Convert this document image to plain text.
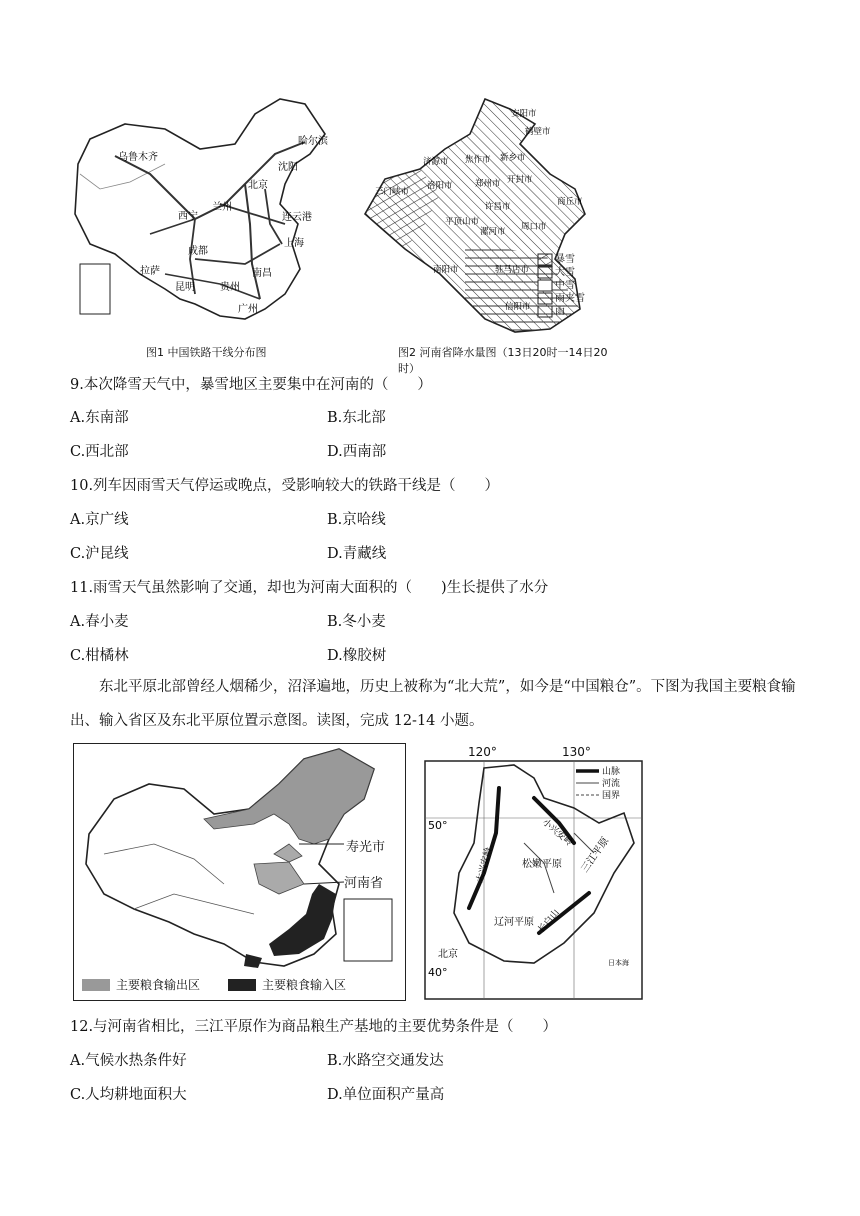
乌鲁木齐
哈尔滨
沈阳
北京
西宁
兰州
连云港
成都
上海
拉萨	南昌
贵州
昆明
广州
图1 中国铁路干线分布图
安阳市
鹤壁市
焦作市 新乡市
济源市
洛阳市	郑州市 开封市
商丘市
三门峡市
许昌市
平顶山市
漯河市 周口市
南阳市	驻马店市
信阳市
暴雪
大雪
中雪
雨夹雪
雨
图2 河南省降水量图（13日20时一14日20时）
9.本次降雪天气中，暴雪地区主要集中在河南的（　　）
A.东南部	B.东北部
C.西北部	D.西南部
10.列车因雨雪天气停运或晚点，受影响较大的铁路干线是（　　）
A.京广线	B.京哈线
C.沪昆线	D.青藏线
11.雨雪天气虽然影响了交通，却也为河南大面积的（　　)生长提供了水分
A.春小麦	B.冬小麦
C.柑橘林	D.橡胶树
东北平原北部曾经人烟稀少，沼泽遍地，历史上被称为“北大荒”，如今是“中国粮仓”。下图为我国主要粮食输出、输入省区及东北平原位置示意图。读图，完成 12-14 小题。
寿光市
河南省
主要粮食输出区	主要粮食输入区
120°	130°
山脉
河流
国界
50°
40°
大兴安岭
小兴安岭
松嫩平原 三江平原
辽河平原 长白山
北京
日本海
12.与河南省相比，三江平原作为商品粮生产基地的主要优势条件是（　　）
A.气候水热条件好	B.水路空交通发达
C.人均耕地面积大	D.单位面积产量高
